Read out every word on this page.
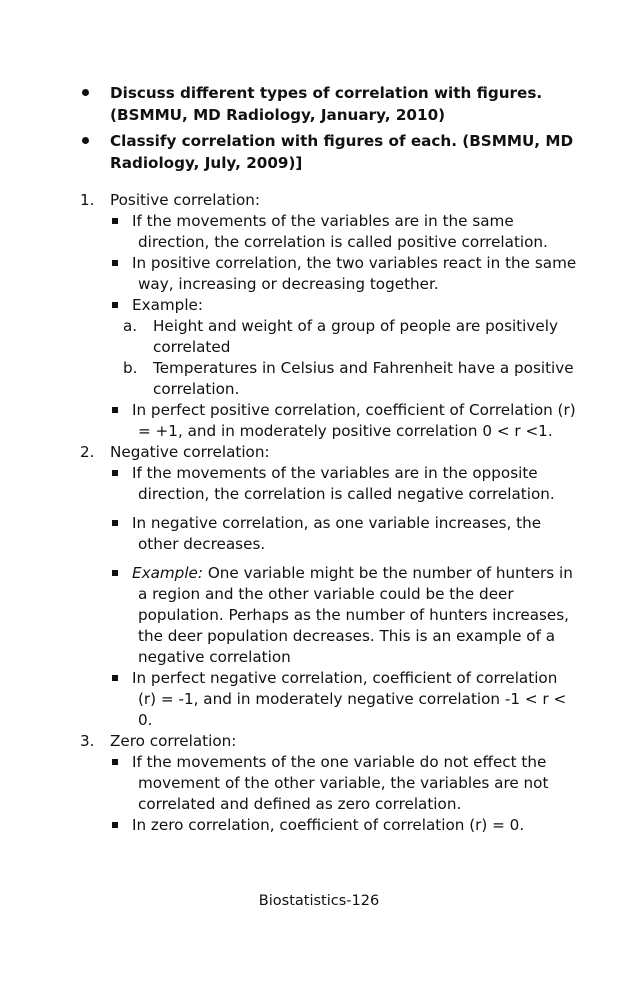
Discuss different types of correlation with figures. (BSMMU, MD Radiology, January, 2010)
Classify correlation with figures of each. (BSMMU, MD Radiology, July, 2009)]
1. Positive correlation:
If the movements of the variables are in the same direction, the correlation is called positive correlation.
In positive correlation, the two variables react in the same way, increasing or decreasing together.
Example:
a. Height and weight of a group of people are positively correlated
b. Temperatures in Celsius and Fahrenheit have a positive correlation.
In perfect positive correlation, coefficient of Correlation (r) = +1, and in moderately positive correlation 0 < r <1.
2. Negative correlation:
If the movements of the variables are in the opposite direction, the correlation is called negative correlation.
In negative correlation, as one variable increases, the other decreases.
Example: One variable might be the number of hunters in a region and the other variable could be the deer population. Perhaps as the number of hunters increases, the deer population decreases. This is an example of a negative correlation
In perfect negative correlation, coefficient of correlation (r) = -1, and in moderately negative correlation -1 < r < 0.
3. Zero correlation:
If the movements of the one variable do not effect the movement of the other variable, the variables are not correlated and defined as zero correlation.
In zero correlation, coefficient of correlation (r) = 0.
Biostatistics-126
